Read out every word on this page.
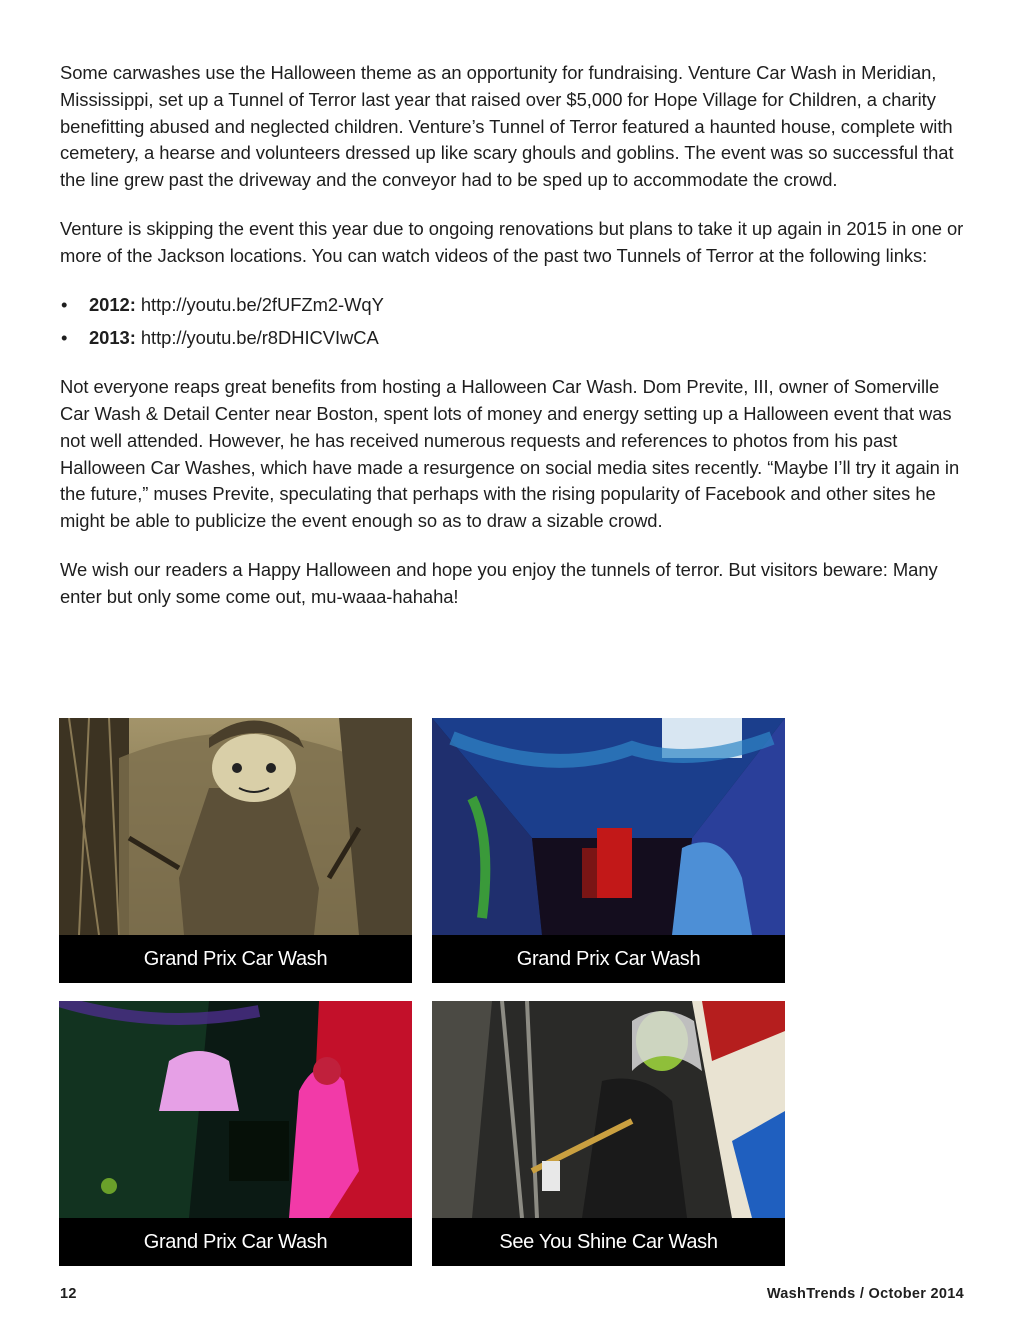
Some carwashes use the Halloween theme as an opportunity for fundraising. Venture Car Wash in Meridian, Mississippi, set up a Tunnel of Terror last year that raised over $5,000 for Hope Village for Children, a charity benefitting abused and neglected children. Venture’s Tunnel of Terror featured a haunted house, complete with cemetery, a hearse and volunteers dressed up like scary ghouls and goblins. The event was so successful that the line grew past the driveway and the conveyor had to be sped up to accommodate the crowd.

Venture is skipping the event this year due to ongoing renovations but plans to take it up again in 2015 in one or more of the Jackson locations. You can watch videos of the past two Tunnels of Terror at the following links:

• 2012: http://youtu.be/2fUFZm2-WqY
• 2013: http://youtu.be/r8DHICVIwCA

Not everyone reaps great benefits from hosting a Halloween Car Wash. Dom Previte, III, owner of Somerville Car Wash & Detail Center near Boston, spent lots of money and energy setting up a Halloween event that was not well attended. However, he has received numerous requests and references to photos from his past Halloween Car Washes, which have made a resurgence on social media sites recently. “Maybe I’ll try it again in the future,” muses Previte, speculating that perhaps with the rising popularity of Facebook and other sites he might be able to publicize the event enough so as to draw a sizable crowd.

We wish our readers a Happy Halloween and hope you enjoy the tunnels of terror. But visitors beware: Many enter but only some come out, mu-waaa-hahaha!

Grand Prix Car Wash	Grand Prix Car Wash
Grand Prix Car Wash	See You Shine Car Wash
12	WashTrends / October 2014
